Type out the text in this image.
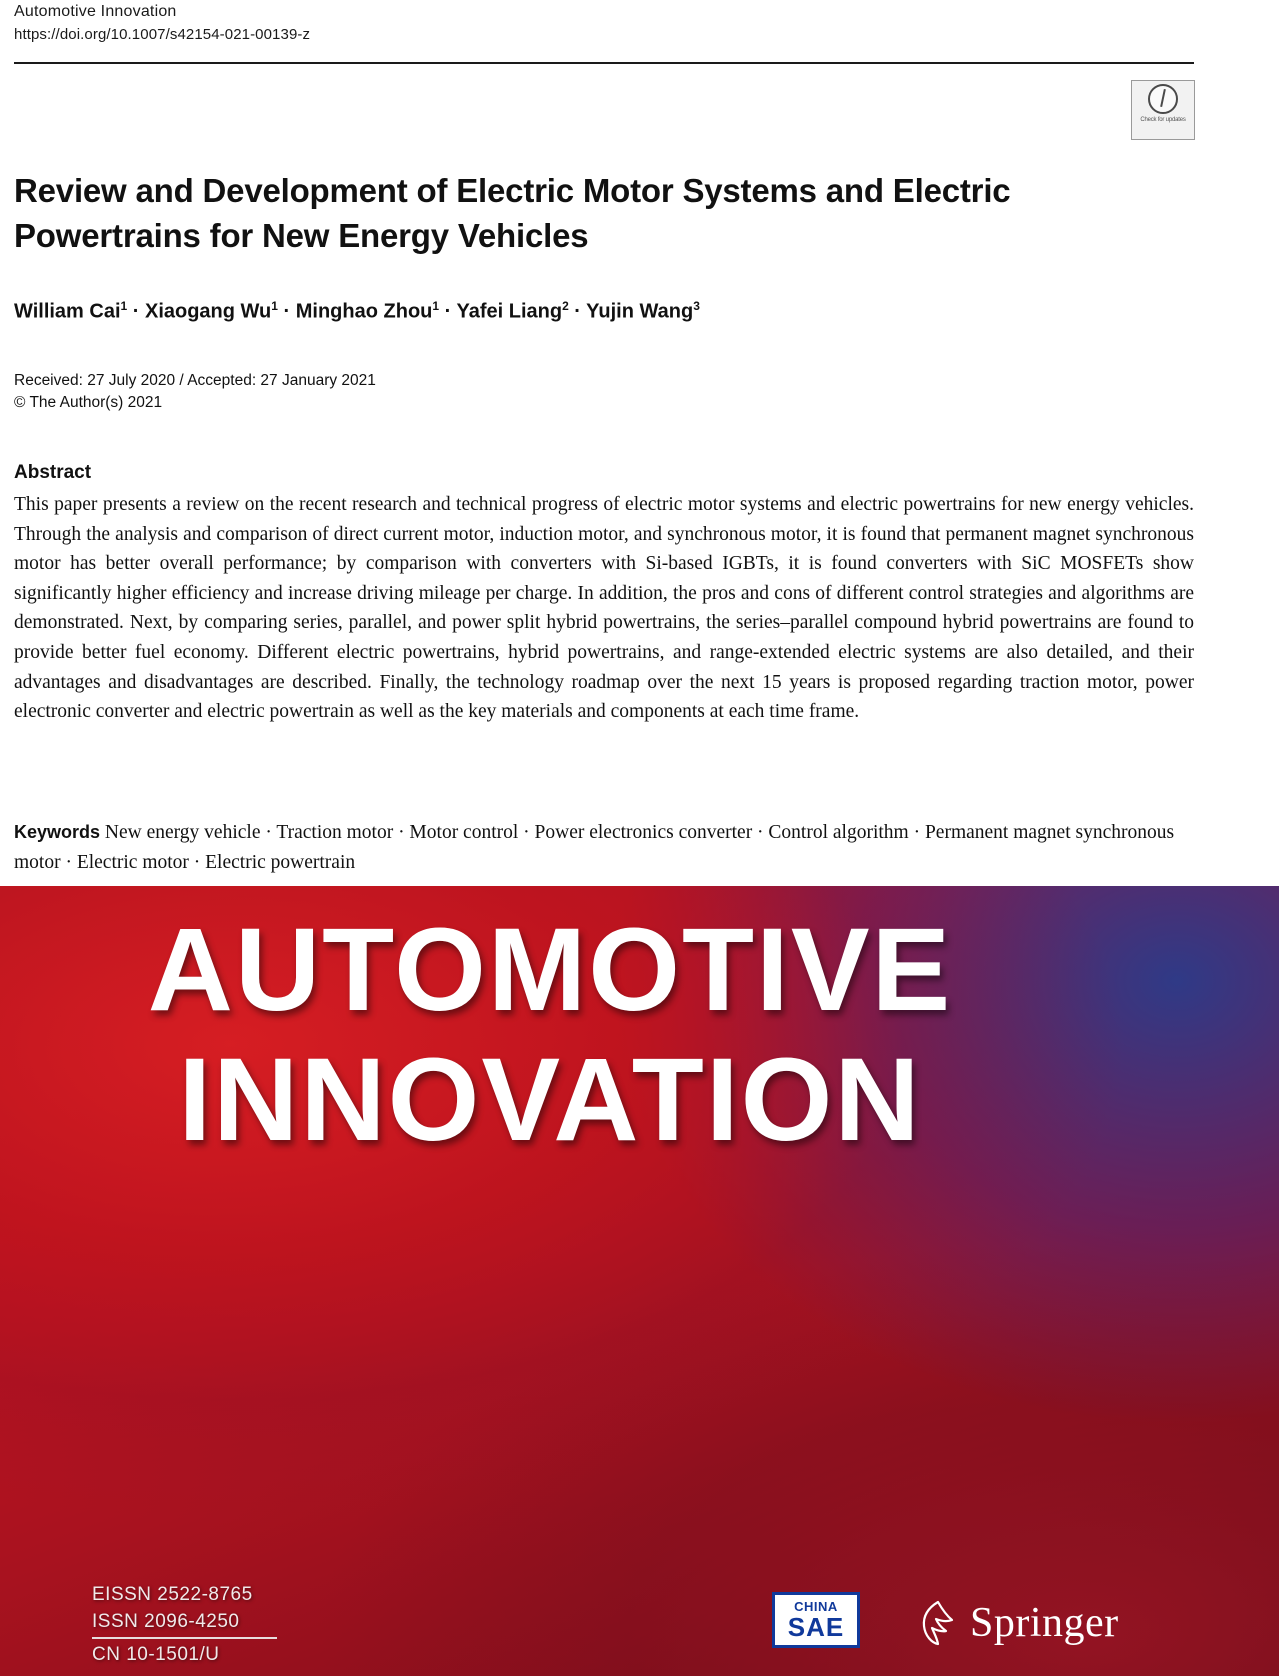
Automotive Innovation
https://doi.org/10.1007/s42154-021-00139-z
Check for updates
Review and Development of Electric Motor Systems and Electric Powertrains for New Energy Vehicles
William Cai$^1$ · Xiaogang $Wu^1$ · Minghao Zhou$^1$ · Yafei Liang$^2$ · Yujin Wang$^3$
Received: 27 July 2020 / Accepted: 27 January 2021
© The Author(s) 2021
Abstract
This paper presents a review on the recent research and technical progress of electric motor systems and electric powertrains for new energy vehicles. Through the analysis and comparison of direct current motor, induction motor, and synchronous motor, it is found that permanent magnet synchronous motor has better overall performance; by comparison with converters with Si-based IGBTs, it is found converters with SiC MOSFETs show significantly higher efficiency and increase driving mileage per charge. In addition, the pros and cons of different control strategies and algorithms are demonstrated. Next, by comparing series, parallel, and power split hybrid powertrains, the series–parallel compound hybrid powertrains are found to provide better fuel economy. Different electric powertrains, hybrid powertrains, and range-extended electric systems are also detailed, and their advantages and disadvantages are described. Finally, the technology roadmap over the next 15 years is proposed regarding traction motor, power electronic converter and electric powertrain as well as the key materials and components at each time frame.
Keywords New energy vehicle · Traction motor · Motor control · Power electronics converter · Control algorithm · Permanent magnet synchronous motor · Electric motor · Electric powertrain
AUTOMOTIVE
INNOVATION
EISSN 2522-8765
ISSN 2096-4250
CN 10-1501/U
CHINA
SAE	Springer
